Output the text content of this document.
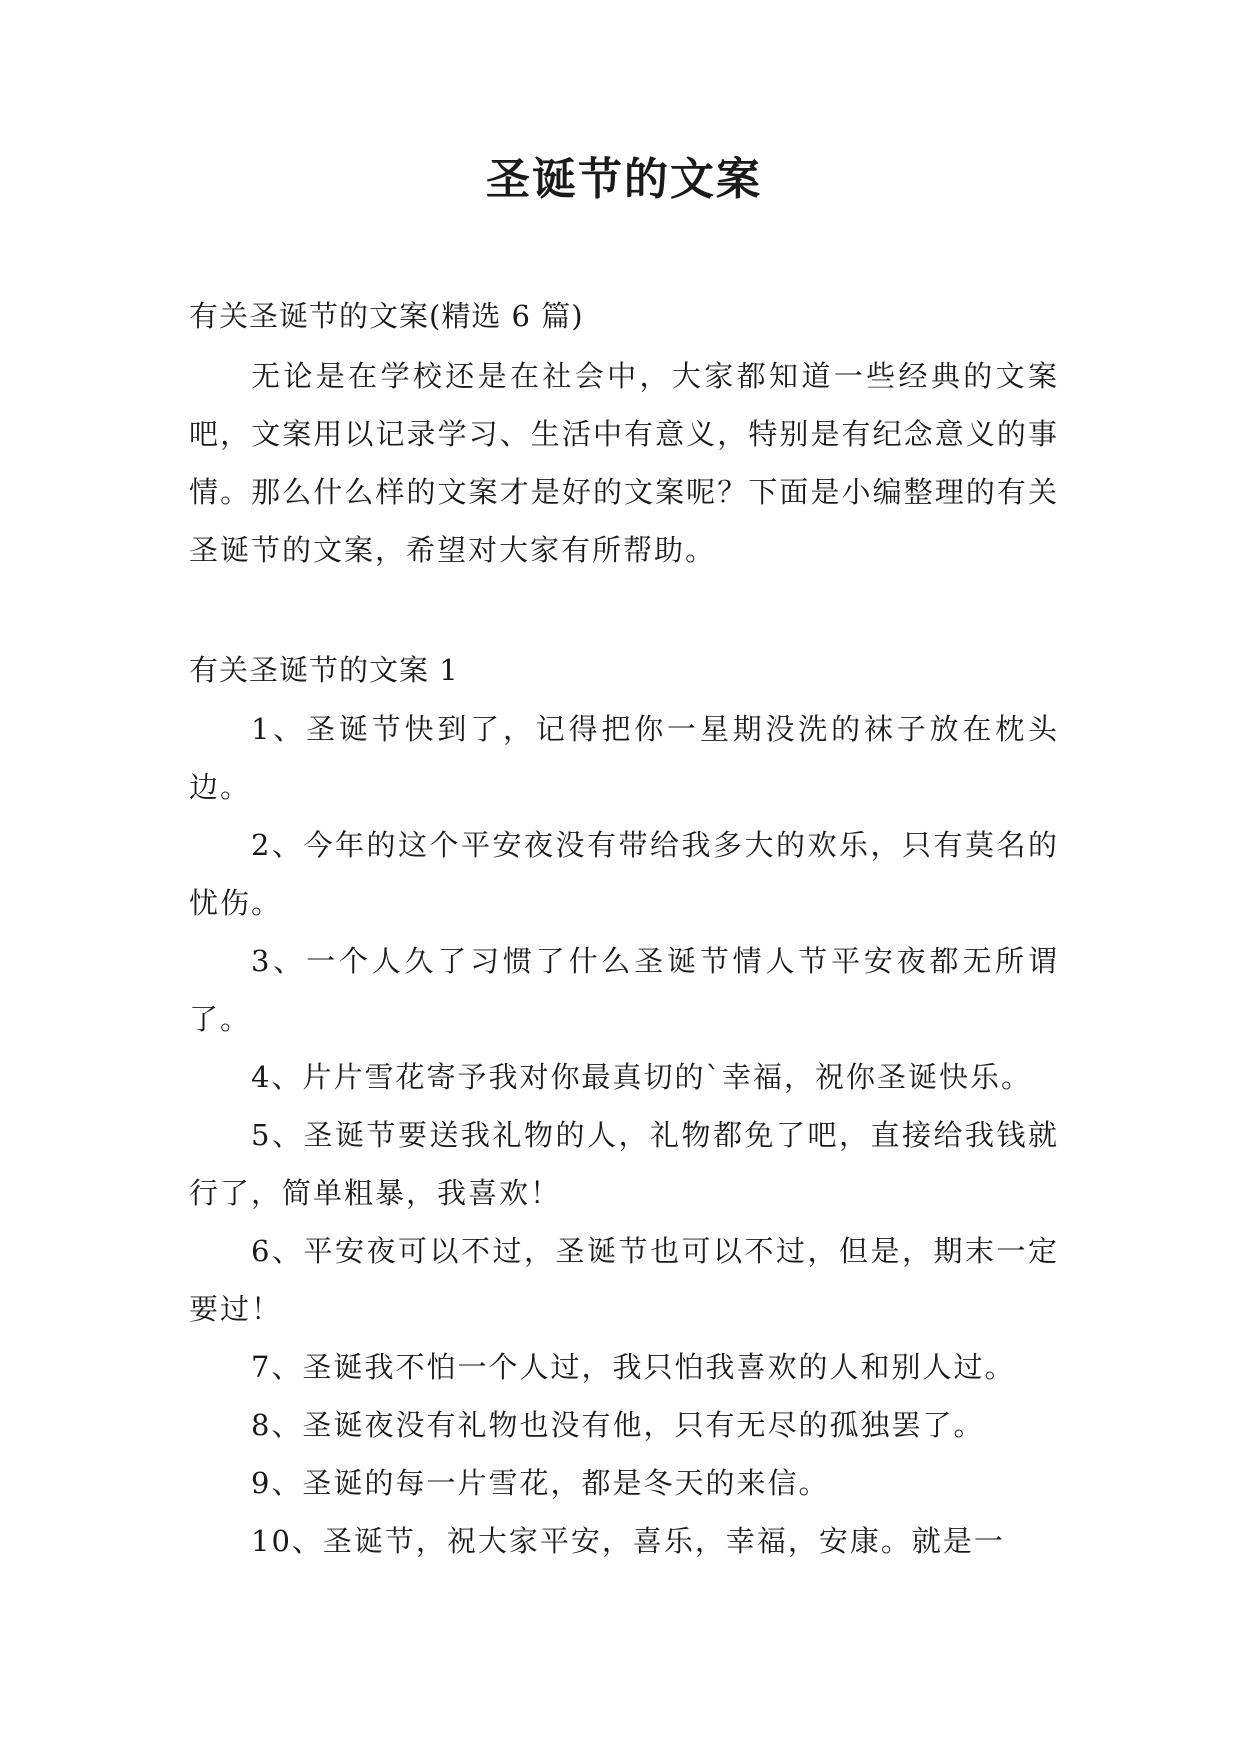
圣诞节的文案
有关圣诞节的文案(精选 6 篇)

无论是在学校还是在社会中，大家都知道一些经典的文案吧，文案用以记录学习、生活中有意义，特别是有纪念意义的事情。那么什么样的文案才是好的文案呢？下面是小编整理的有关圣诞节的文案，希望对大家有所帮助。

有关圣诞节的文案 1
1、圣诞节快到了，记得把你一星期没洗的袜子放在枕头边。
2、今年的这个平安夜没有带给我多大的欢乐，只有莫名的忧伤。
3、一个人久了习惯了什么圣诞节情人节平安夜都无所谓了。
4、片片雪花寄予我对你最真切的`幸福，祝你圣诞快乐。
5、圣诞节要送我礼物的人，礼物都免了吧，直接给我钱就行了，简单粗暴，我喜欢！
6、平安夜可以不过，圣诞节也可以不过，但是，期末一定要过！
7、圣诞我不怕一个人过，我只怕我喜欢的人和别人过。
8、圣诞夜没有礼物也没有他，只有无尽的孤独罢了。
9、圣诞的每一片雪花，都是冬天的来信。
10、圣诞节，祝大家平安，喜乐，幸福，安康。就是一
